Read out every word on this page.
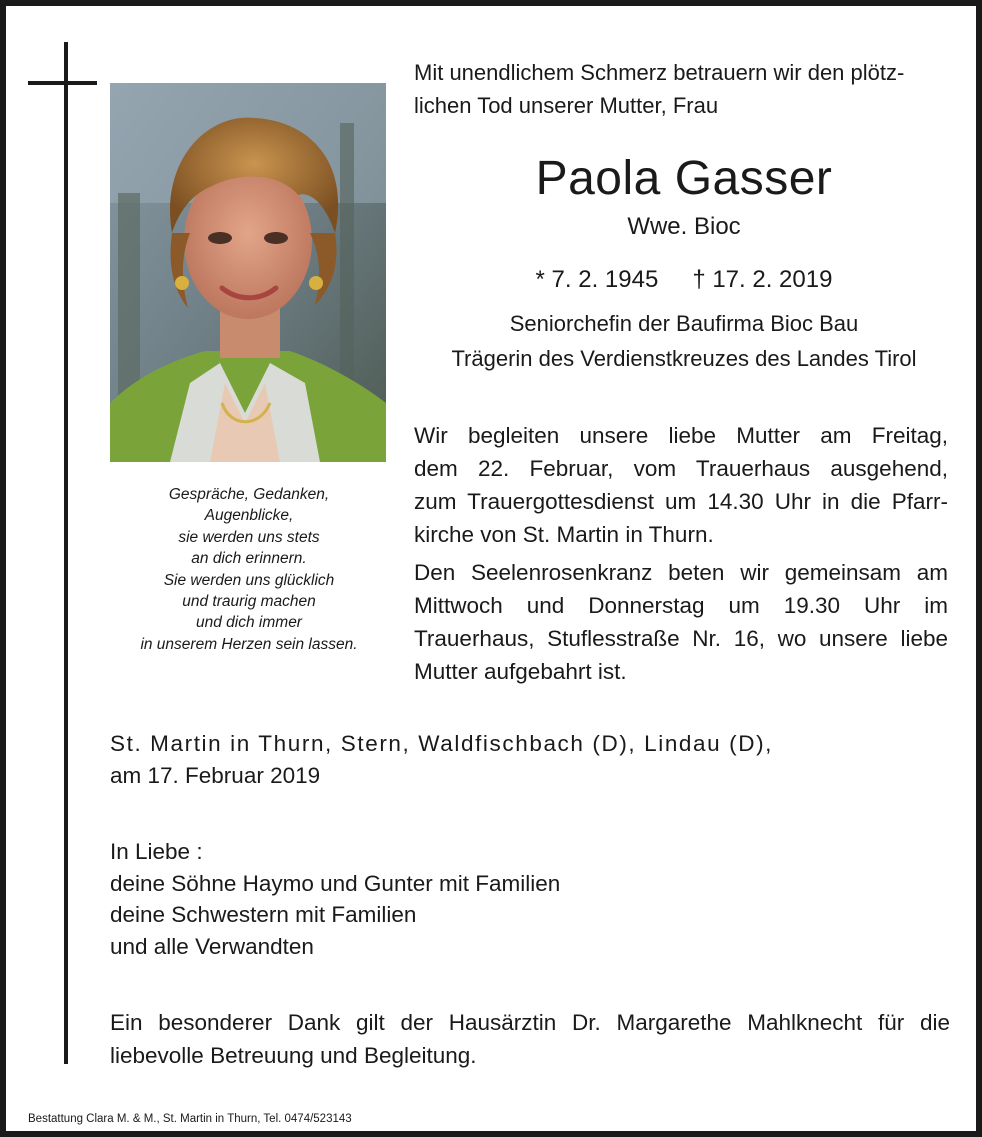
Gespräche, Gedanken,
Augenblicke,
sie werden uns stets
an dich erinnern.
Sie werden uns glücklich
und traurig machen
und dich immer
in unserem Herzen sein lassen.
Mit unendlichem Schmerz betrauern wir den plötz-
lichen Tod unserer Mutter, Frau
Paola Gasser
Wwe. Bioc
* 7. 2. 1945 † 17. 2. 2019
Seniorchefin der Baufirma Bioc Bau
Trägerin des Verdienstkreuzes des Landes Tirol
Wir begleiten unsere liebe Mutter am Freitag,
dem 22. Februar, vom Trauerhaus ausgehend,
zum Trauergottesdienst um 14.30 Uhr in die Pfarr-
kirche von St. Martin in Thurn.
Den Seelenrosenkranz beten wir gemeinsam am
Mittwoch und Donnerstag um 19.30 Uhr im
Trauerhaus, Stuflesstraße Nr. 16, wo unsere liebe
Mutter aufgebahrt ist.
St. Martin in Thurn, Stern, Waldfischbach (D), Lindau (D),
am 17. Februar 2019
In Liebe :
deine Söhne Haymo und Gunter mit Familien
deine Schwestern mit Familien
und alle Verwandten
Ein besonderer Dank gilt der Hausärztin Dr. Margarethe Mahlknecht für die
liebevolle Betreuung und Begleitung.
Bestattung Clara M. & M., St. Martin in Thurn, Tel. 0474/523143
